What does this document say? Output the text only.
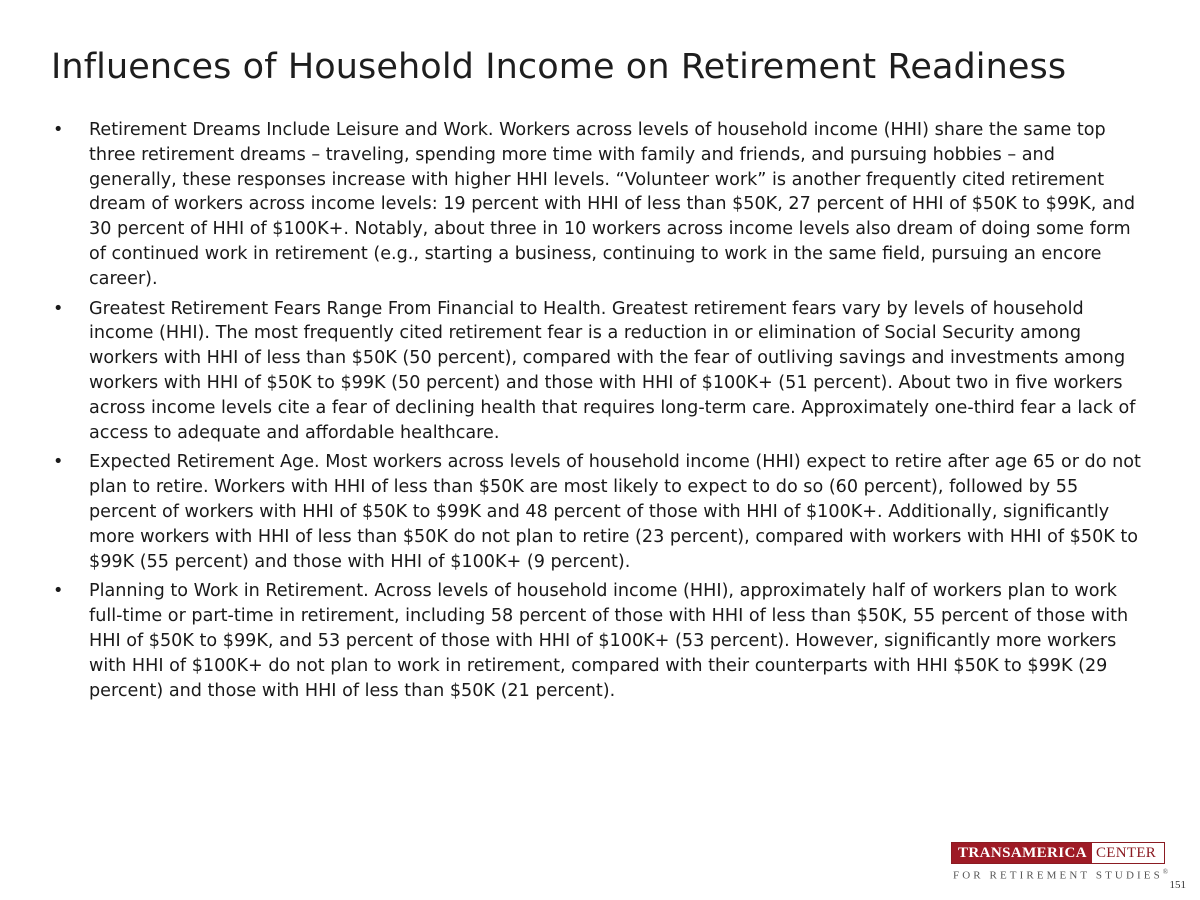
Influences of Household Income on Retirement Readiness
•	Retirement Dreams Include Leisure and Work. Workers across levels of household income (HHI) share the same top three retirement dreams – traveling, spending more time with family and friends, and pursuing hobbies – and generally, these responses increase with higher HHI levels. “Volunteer work” is another frequently cited retirement dream of workers across income levels: 19 percent with HHI of less than $50K, 27 percent of HHI of $50K to $99K, and 30 percent of HHI of $100K+. Notably, about three in 10 workers across income levels also dream of doing some form of continued work in retirement (e.g., starting a business, continuing to work in the same field, pursuing an encore career).
•	Greatest Retirement Fears Range From Financial to Health. Greatest retirement fears vary by levels of household income (HHI). The most frequently cited retirement fear is a reduction in or elimination of Social Security among workers with HHI of less than $50K (50 percent), compared with the fear of outliving savings and investments among workers with HHI of $50K to $99K (50 percent) and those with HHI of $100K+ (51 percent). About two in five workers across income levels cite a fear of declining health that requires long-term care. Approximately one-third fear a lack of access to adequate and affordable healthcare.
•	Expected Retirement Age. Most workers across levels of household income (HHI) expect to retire after age 65 or do not plan to retire. Workers with HHI of less than $50K are most likely to expect to do so (60 percent), followed by 55 percent of workers with HHI of $50K to $99K and 48 percent of those with HHI of $100K+. Additionally, significantly more workers with HHI of less than $50K do not plan to retire (23 percent), compared with workers with HHI of $50K to $99K (55 percent) and those with HHI of $100K+ (9 percent).
•	Planning to Work in Retirement. Across levels of household income (HHI), approximately half of workers plan to work full-time or part-time in retirement, including 58 percent of those with HHI of less than $50K, 55 percent of those with HHI of $50K to $99K, and 53 percent of those with HHI of $100K+ (53 percent). However, significantly more workers with HHI of $100K+ do not plan to work in retirement, compared with their counterparts with HHI $50K to $99K (29 percent) and those with HHI of less than $50K (21 percent).
TRANSAMERICA CENTER
FOR RETIREMENT STUDIES®
151
